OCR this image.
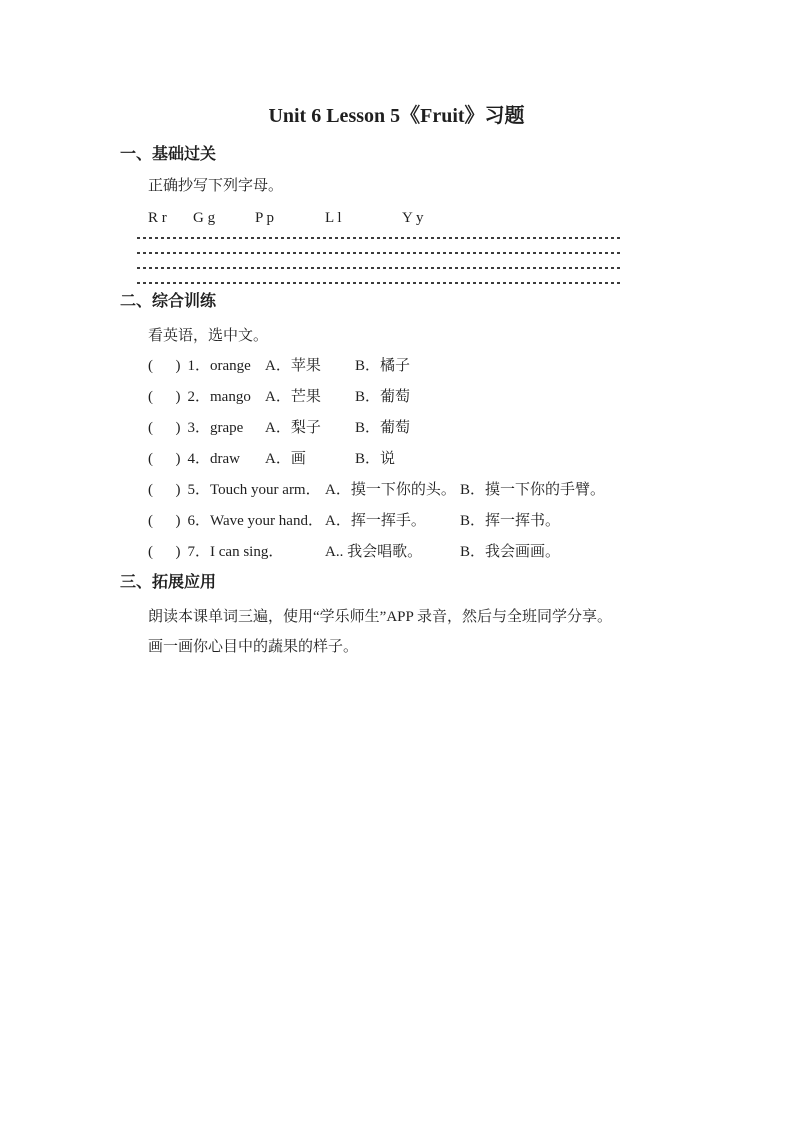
Unit 6 Lesson 5《Fruit》习题
一、基础过关

正确抄写下列字母。

R r G g	P p	L l	Y y
二、综合训练

看英语，选中文。

(      ) 1．orange A．苹果	B．橘子
(      ) 2．mango A．芒果	B．葡萄
(      ) 3．grape	A．梨子	B．葡萄
(      ) 4．draw	A．画	B．说
(      ) 5．Touch your arm． A．摸一下你的头。 B．摸一下你的手臂。
(      ) 6．Wave your hand． A．挥一挥手。	B．挥一挥书。
(      ) 7．I can sing．	A.. 我会唱歌。	B．我会画画。
三、拓展应用

朗读本课单词三遍，使用“学乐师生”APP 录音，然后与全班同学分享。

画一画你心目中的蔬果的样子。
